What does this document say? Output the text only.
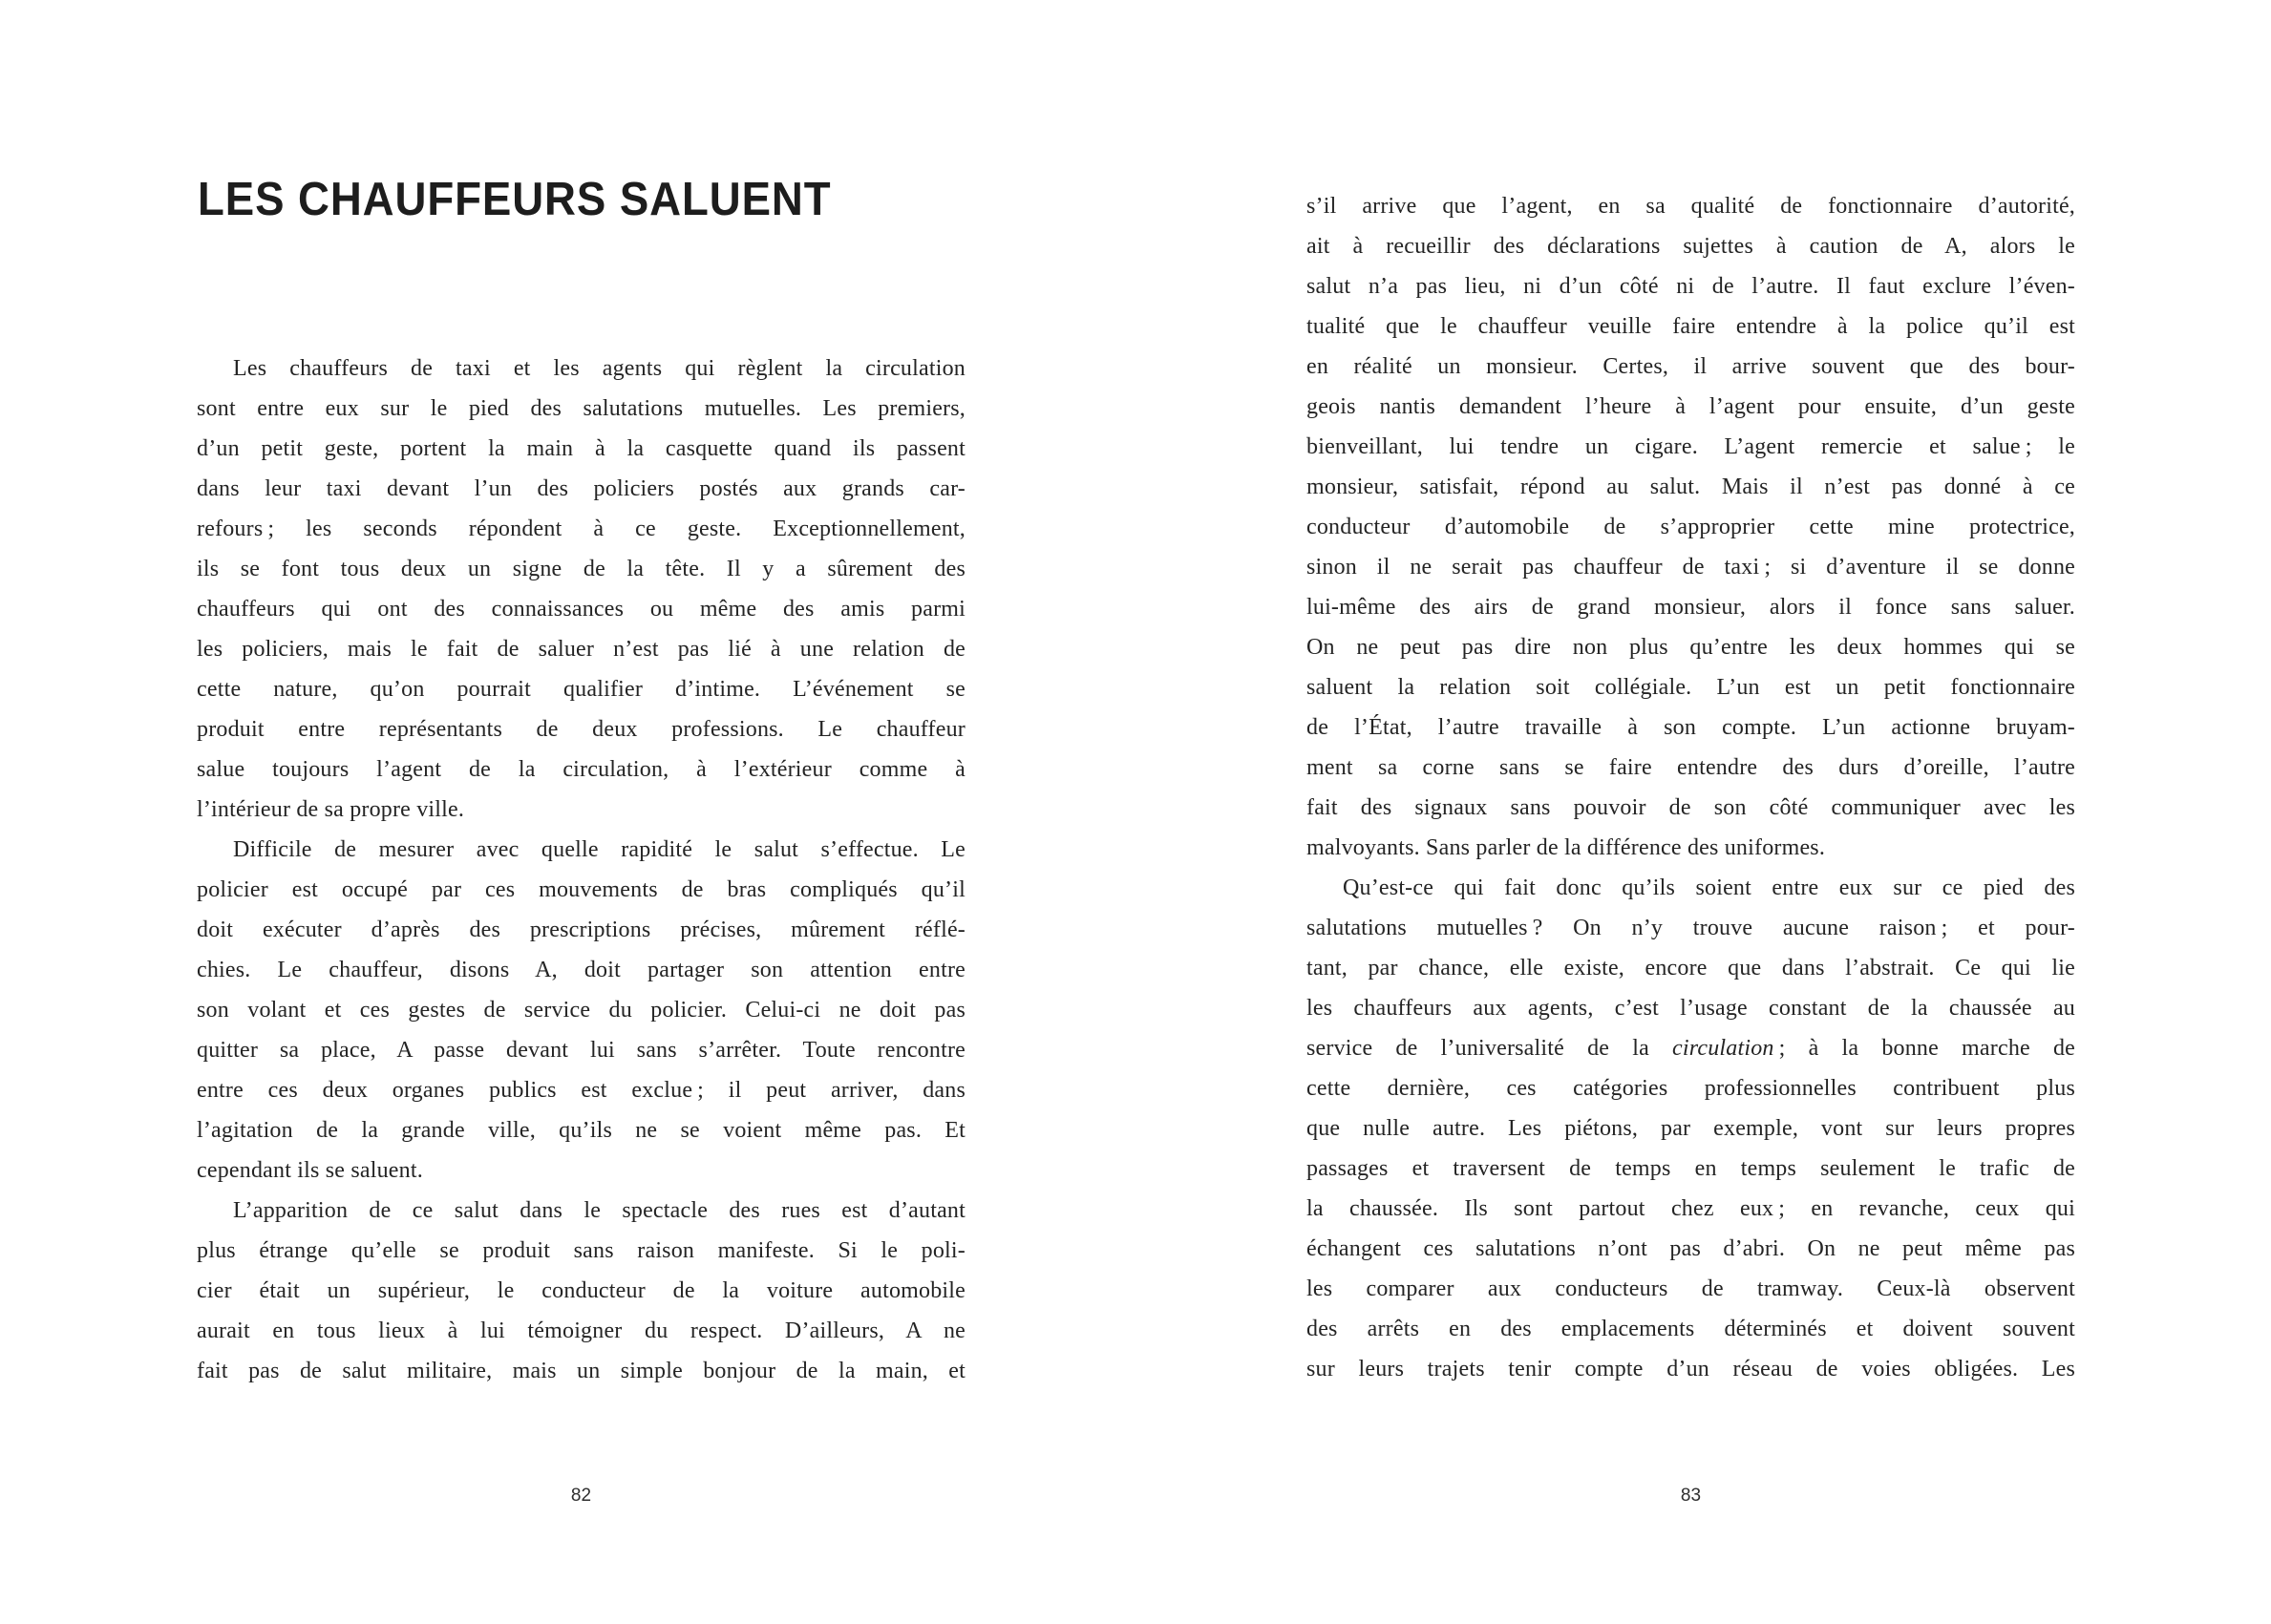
LES CHAUFFEURS SALUENT
Les chauffeurs de taxi et les agents qui règlent la circulation
sont entre eux sur le pied des salutations mutuelles. Les premiers,
d’un petit geste, portent la main à la casquette quand ils passent
dans leur taxi devant l’un des policiers postés aux grands car-
refours ; les seconds répondent à ce geste. Exceptionnellement,
ils se font tous deux un signe de la tête. Il y a sûrement des
chauffeurs qui ont des connaissances ou même des amis parmi
les policiers, mais le fait de saluer n’est pas lié à une relation de
cette nature, qu’on pourrait qualifier d’intime. L’événement se
produit entre représentants de deux professions. Le chauffeur
salue toujours l’agent de la circulation, à l’extérieur comme à
l’intérieur de sa propre ville.
Difficile de mesurer avec quelle rapidité le salut s’effectue. Le
policier est occupé par ces mouvements de bras compliqués qu’il
doit exécuter d’après des prescriptions précises, mûrement réflé-
chies. Le chauffeur, disons A, doit partager son attention entre
son volant et ces gestes de service du policier. Celui-ci ne doit pas
quitter sa place, A passe devant lui sans s’arrêter. Toute rencontre
entre ces deux organes publics est exclue ; il peut arriver, dans
l’agitation de la grande ville, qu’ils ne se voient même pas. Et
cependant ils se saluent.
L’apparition de ce salut dans le spectacle des rues est d’autant
plus étrange qu’elle se produit sans raison manifeste. Si le poli-
cier était un supérieur, le conducteur de la voiture automobile
aurait en tous lieux à lui témoigner du respect. D’ailleurs, A ne
fait pas de salut militaire, mais un simple bonjour de la main, et
s’il arrive que l’agent, en sa qualité de fonctionnaire d’autorité,
ait à recueillir des déclarations sujettes à caution de A, alors le
salut n’a pas lieu, ni d’un côté ni de l’autre. Il faut exclure l’éven-
tualité que le chauffeur veuille faire entendre à la police qu’il est
en réalité un monsieur. Certes, il arrive souvent que des bour-
geois nantis demandent l’heure à l’agent pour ensuite, d’un geste
bienveillant, lui tendre un cigare. L’agent remercie et salue ; le
monsieur, satisfait, répond au salut. Mais il n’est pas donné à ce
conducteur d’automobile de s’approprier cette mine protectrice,
sinon il ne serait pas chauffeur de taxi ; si d’aventure il se donne
lui-même des airs de grand monsieur, alors il fonce sans saluer.
On ne peut pas dire non plus qu’entre les deux hommes qui se
saluent la relation soit collégiale. L’un est un petit fonctionnaire
de l’État, l’autre travaille à son compte. L’un actionne bruyam-
ment sa corne sans se faire entendre des durs d’oreille, l’autre
fait des signaux sans pouvoir de son côté communiquer avec les
malvoyants. Sans parler de la différence des uniformes.
Qu’est-ce qui fait donc qu’ils soient entre eux sur ce pied des
salutations mutuelles ? On n’y trouve aucune raison ; et pour-
tant, par chance, elle existe, encore que dans l’abstrait. Ce qui lie
les chauffeurs aux agents, c’est l’usage constant de la chaussée au
service de l’universalité de la circulation ; à la bonne marche de
cette dernière, ces catégories professionnelles contribuent plus
que nulle autre. Les piétons, par exemple, vont sur leurs propres
passages et traversent de temps en temps seulement le trafic de
la chaussée. Ils sont partout chez eux ; en revanche, ceux qui
échangent ces salutations n’ont pas d’abri. On ne peut même pas
les comparer aux conducteurs de tramway. Ceux-là observent
des arrêts en des emplacements déterminés et doivent souvent
sur leurs trajets tenir compte d’un réseau de voies obligées. Les
82	83
